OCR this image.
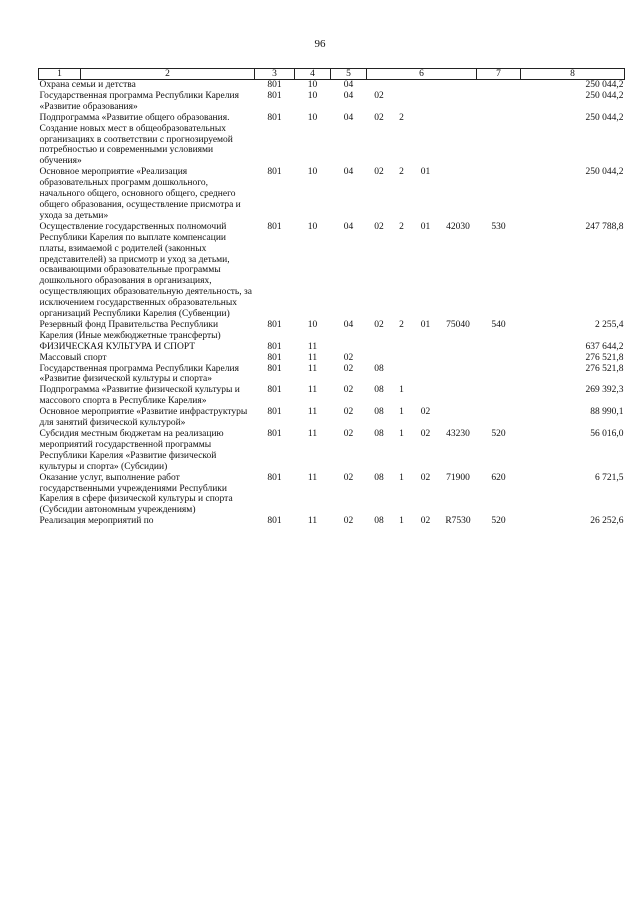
96
1	2	3	4	5	6				7	8
Охрана семьи и детства		801	10	04						250 044,2
Государственная программа Республики Карелия «Развитие образования»		801	10	04	02					250 044,2
Подпрограмма «Развитие общего образования. Создание новых мест в общеобразовательных организациях в соответствии с прогнозируемой потребностью и современными условиями обучения»		801	10	04	02	2				250 044,2
Основное мероприятие «Реализация образовательных программ дошкольного, начального общего, основного общего, среднего общего образования, осуществление присмотра и ухода за детьми»		801	10	04	02	2	01			250 044,2
Осуществление государственных полномочий Республики Карелия по выплате компенсации платы, взимаемой с родителей (законных представителей) за присмотр и уход за детьми, осваивающими образовательные программы дошкольного образования в организациях, осуществляющих образовательную деятельность, за исключением государственных образовательных организаций Республики Карелия (Субвенции)		801	10	04	02	2	01	42030	530	247 788,8
Резервный фонд Правительства Республики Карелия (Иные межбюджетные трансферты)		801	10	04	02	2	01	75040	540	2 255,4
ФИЗИЧЕСКАЯ КУЛЬТУРА И СПОРТ		801	11							637 644,2
Массовый спорт		801	11	02						276 521,8
Государственная программа Республики Карелия «Развитие физической культуры и спорта»		801	11	02	08					276 521,8
Подпрограмма «Развитие физической культуры и массового спорта в Республике Карелия»		801	11	02	08	1				269 392,3
Основное мероприятие «Развитие инфраструктуры для занятий физической культурой»		801	11	02	08	1	02			88 990,1
Субсидия местным бюджетам на реализацию мероприятий государственной программы Республики Карелия «Развитие физической культуры и спорта» (Субсидии)		801	11	02	08	1	02	43230	520	56 016,0
Оказание услуг, выполнение работ государственными учреждениями Республики Карелия в сфере физической культуры и спорта (Субсидии автономным учреждениям)		801	11	02	08	1	02	71900	620	6 721,5
Реализация мероприятий по		801	11	02	08	1	02	R7530	520	26 252,6
